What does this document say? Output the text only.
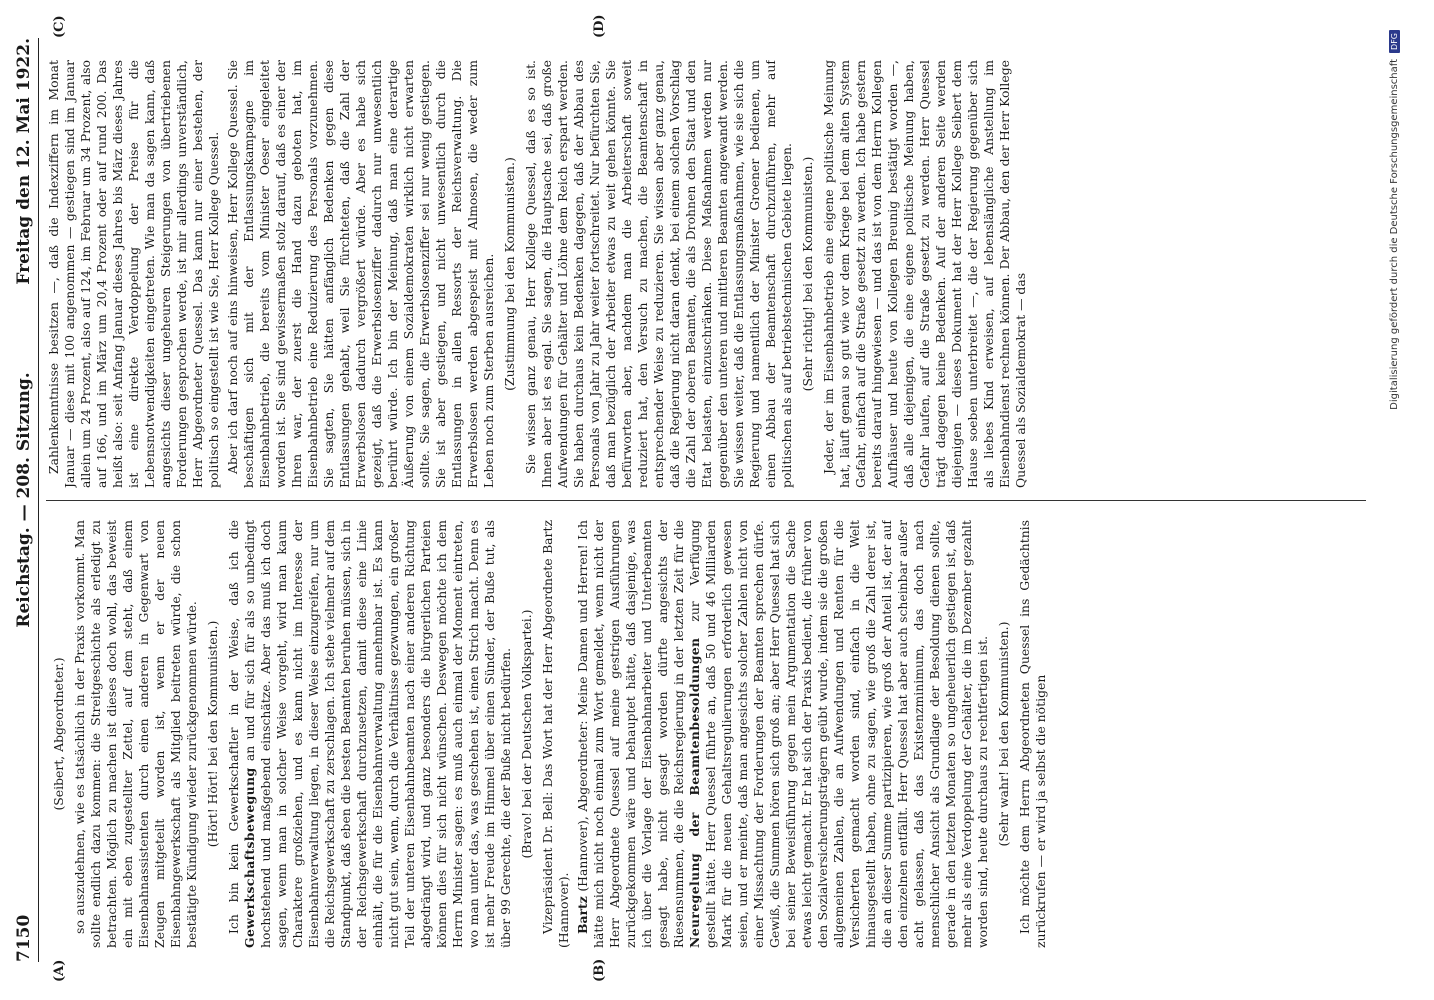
7150
Reichstag. — 208. Sitzung.
Freitag den 12. Mai 1922.
(A)	(B)
(C)	(D)

(Seibert, Abgeordneter.) so auszudehnen, wie es tatsächlich in der Praxis vorkommt. Man sollte endlich dazu kommen: die Streitgeschichte als erledigt zu betrachten. Möglich zu machen ist dieses doch wohl, das beweist ein mit eben zugestellter Zettel, auf dem steht, daß einem Eisenbahnassistenten durch einen anderen in Gegenwart von Zeugen mitgeteilt worden ist, wenn er der neuen Eisenbahngewerkschaft als Mitglied beitreten würde, die schon bestätigte Kündigung wieder zurückgenommen würde. (Hört! Hört! bei den Kommunisten.) Ich bin kein Gewerkschaftler in der Weise, daß ich die Gewerkschaftsbewegung an und für sich für als so unbedingt hochstehend und maßgebend einschätze. Aber das muß ich doch sagen, wenn man in solcher Weise vorgeht, wird man kaum Charaktere großziehen, und es kann nicht im Interesse der Eisenbahnverwaltung liegen, in dieser Weise einzugreifen, nur um die Reichsgewerkschaft zu zerschlagen. Ich stehe vielmehr auf dem Standpunkt, daß eben die besten Beamten beruhen müssen, sich in der Reichsgewerkschaft durchzusetzen, damit diese eine Linie einhält, die für die Eisenbahnverwaltung annehmbar ist. Es kann nicht gut sein, wenn, durch die Verhältnisse gezwungen, ein großer Teil der unteren Eisenbahnbeamten nach einer anderen Richtung abgedrängt wird, und ganz besonders die bürgerlichen Parteien können dies für sich nicht wünschen. Deswegen möchte ich dem Herrn Minister sagen: es muß auch einmal der Moment eintreten, wo man unter das, was geschehen ist, einen Strich macht. Denn es ist mehr Freude im Himmel über einen Sünder, der Buße tut, als über 99 Gerechte, die der Buße nicht bedürfen. (Bravo! bei der Deutschen Volkspartei.) Vizepräsident Dr. Bell: Das Wort hat der Herr Abgeordnete Bartz (Hannover). Bartz (Hannover), Abgeordneter: Meine Damen und Herren! Ich hätte mich nicht noch einmal zum Wort gemeldet, wenn nicht der Herr Abgeordnete Quessel auf meine gestrigen Ausführungen zurückgekommen wäre und behauptet hätte, daß dasjenige, was ich über die Vorlage der Eisenbahnarbeiter und Unterbeamten gesagt habe, nicht gesagt worden dürfte angesichts der Riesensummen, die die Reichsregierung in der letzten Zeit für die Neuregelung der Beamtenbesoldungen zur Verfügung gestellt hätte. Herr Quessel führte an, daß 50 und 46 Milliarden Mark für die neuen Gehaltsregulierungen erforderlich gewesen seien, und er meinte, daß man angesichts solcher Zahlen nicht von einer Missachtung der Forderungen der Beamten sprechen dürfe. Gewiß, die Summen hören sich groß an; aber Herr Quessel hat sich bei seiner Beweisführung gegen mein Argumentation die Sache etwas leicht gemacht. Er hat sich der Praxis bedient, die früher von den Sozialversicherungsträgern geübt wurde, indem sie die großen allgemeinen Zahlen, die an Aufwendungen und Renten für die Versicherten gemacht worden sind, einfach in die Welt hinausgestellt haben, ohne zu sagen, wie groß die Zahl derer ist, die an dieser Summe partizipieren, wie groß der Anteil ist, der auf den einzelnen entfällt. Herr Quessel hat aber auch scheinbar außer acht gelassen, daß das Existenzminimum, das doch nach menschlicher Ansicht als Grundlage der Besoldung dienen sollte, gerade in den letzten Monaten so ungeheuerlich gestiegen ist, daß mehr als eine Verdoppelung der Gehälter, die im Dezember gezahlt worden sind, heute durchaus zu rechtfertigen ist. (Sehr wahr! bei den Kommunisten.) Ich möchte dem Herrn Abgeordneten Quessel ins Gedächtnis zurückrufen — er wird ja selbst die nötigen

Zahlenkenntnisse besitzen —, daß die Indexziffern im Monat Januar — diese mit 100 angenommen — gestiegen sind im Januar allein um 24 Prozent, also auf 124, im Februar um 34 Prozent, also auf 166, und im März um 20,4 Prozent oder auf rund 200. Das heißt also: seit Anfang Januar dieses Jahres bis März dieses Jahres ist eine direkte Verdoppelung der Preise für die Lebensnotwendigkeiten eingetreten. Wie man da sagen kann, daß angesichts dieser ungeheuren Steigerungen von übertriebenen Forderungen gesprochen werde, ist mir allerdings unverständlich, Herr Abgeordneter Quessel. Das kann nur einer bestehen, der politisch so eingestellt ist wie Sie, Herr Kollege Quessel. Aber ich darf noch auf eins hinweisen, Herr Kollege Quessel. Sie beschäftigen sich mit der Entlassungskampagne im Eisenbahnbetrieb, die bereits vom Minister Oeser eingeleitet worden ist. Sie sind gewissermaßen stolz darauf, daß es einer der Ihren war, der zuerst die Hand dazu geboten hat, im Eisenbahnbetrieb eine Reduzierung des Personals vorzunehmen. Sie sagten, Sie hätten anfänglich Bedenken gegen diese Entlassungen gehabt, weil Sie fürchteten, daß die Zahl der Erwerbslosen dadurch vergrößert würde. Aber es habe sich gezeigt, daß die Erwerbslosenziffer dadurch nur unwesentlich berührt würde. Ich bin der Meinung, daß man eine derartige Äußerung von einem Sozialdemokraten wirklich nicht erwarten sollte. Sie sagen, die Erwerbslosenziffer sei nur wenig gestiegen. Sie ist aber gestiegen, und nicht unwesentlich durch die Entlassungen in allen Ressorts der Reichsverwaltung. Die Erwerbslosen werden abgespeist mit Almosen, die weder zum Leben noch zum Sterben ausreichen. (Zustimmung bei den Kommunisten.) Sie wissen ganz genau, Herr Kollege Quessel, daß es so ist. Ihnen aber ist es egal. Sie sagen, die Hauptsache sei, daß große Aufwendungen für Gehälter und Löhne dem Reich erspart werden. Sie haben durchaus kein Bedenken dagegen, daß der Abbau des Personals von Jahr zu Jahr weiter fortschreitet. Nur befürchten Sie, daß man bezüglich der Arbeiter etwas zu weit gehen könnte. Sie befürworten aber, nachdem man die Arbeiterschaft soweit reduziert hat, den Versuch zu machen, die Beamtenschaft in entsprechender Weise zu reduzieren. Sie wissen aber ganz genau, daß die Regierung nicht daran denkt, bei einem solchen Vorschlag die Zahl der oberen Beamten, die als Drohnen den Staat und den Etat belasten, einzuschränken. Diese Maßnahmen werden nur gegenüber den unteren und mittleren Beamten angewandt werden. Sie wissen weiter, daß die Entlassungsmaßnahmen, wie sie sich die Regierung und namentlich der Minister Groener bedienen, um einen Abbau der Beamtenschaft durchzuführen, mehr auf politischen als auf betriebstechnischen Gebiete liegen. (Sehr richtig! bei den Kommunisten.) Jeder, der im Eisenbahnbetrieb eine eigene politische Meinung hat, läuft genau so gut wie vor dem Kriege bei dem alten System Gefahr, einfach auf die Straße gesetzt zu werden. Ich habe gestern bereits darauf hingewiesen — und das ist von dem Herrn Kollegen Aufhäuser und heute von Kollegen Breunig bestätigt worden —, daß alle diejenigen, die eine eigene politische Meinung haben, Gefahr laufen, auf die Straße gesetzt zu werden. Herr Quessel trägt dagegen keine Bedenken. Auf der anderen Seite werden diejenigen — dieses Dokument hat der Herr Kollege Seibert dem Hause soeben unterbreitet —, die der Regierung gegenüber sich als liebes Kind erweisen, auf lebenslängliche Anstellung im Eisenbahndienst rechnen können. Der Abbau, den der Herr Kollege Quessel als Sozialdemokrat — das	Digitalisierung gefördert durch die Deutsche ForschungsgemeinschaftDFG
